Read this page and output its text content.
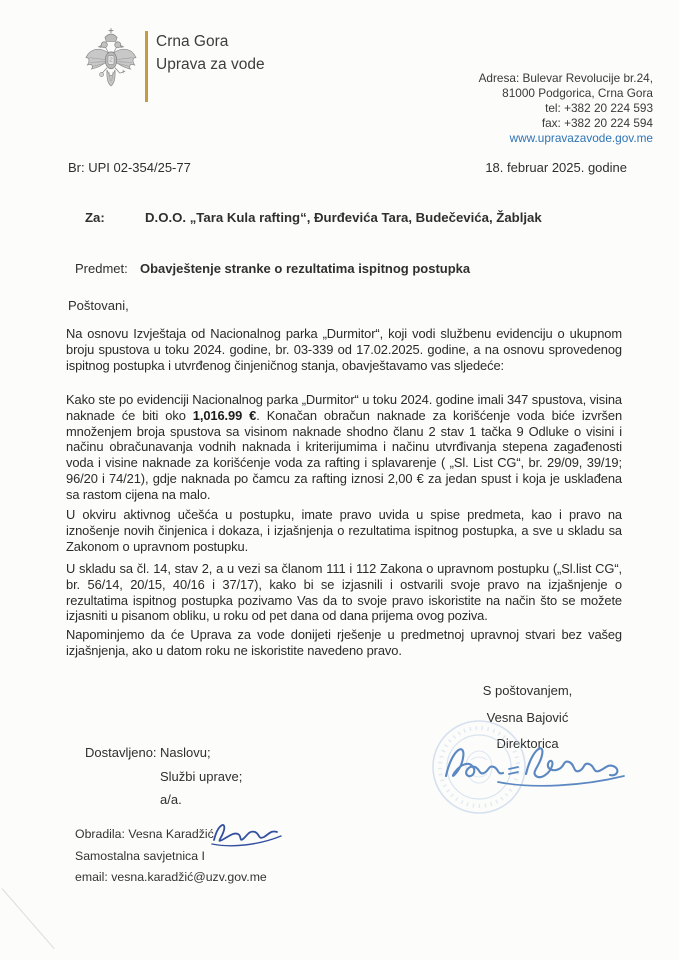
Crna Gora
Uprava za vode
Adresa: Bulevar Revolucije br.24,
81000 Podgorica, Crna Gora
tel: +382 20 224 593
fax: +382 20 224 594
www.upravazavode.gov.me
Br: UPI 02-354/25-77	18. februar 2025. godine
Za:	D.O.O. „Tara Kula rafting“, Đurđevića Tara, Budečevića, Žabljak
Predmet: Obavještenje stranke o rezultatima ispitnog postupka
Poštovani,

Na osnovu Izvještaja od Nacionalnog parka „Durmitor“, koji vodi službenu evidenciju o ukupnom broju spustova u toku 2024. godine, br. 03-339 od 17.02.2025. godine, a na osnovu sprovedenog ispitnog postupka i utvrđenog činjeničnog stanja, obavještavamo vas sljedeće:

Kako ste po evidenciji Nacionalnog parka „Durmitor“ u toku 2024. godine imali 347 spustova, visina naknade će biti oko 1,016.99 €. Konačan obračun naknade za korišćenje voda biće izvršen množenjem broja spustova sa visinom naknade shodno članu 2 stav 1 tačka 9 Odluke o visini i načinu obračunavanja vodnih naknada i kriterijumima i načinu utvrđivanja stepena zagađenosti voda i visine naknade za korišćenje voda za rafting i splavarenje ( „Sl. List CG“, br. 29/09, 39/19; 96/20 i 74/21), gdje naknada po čamcu za rafting iznosi 2,00 € za jedan spust i koja je usklađena sa rastom cijena na malo.

U okviru aktivnog učešća u postupku, imate pravo uvida u spise predmeta, kao i pravo na iznošenje novih činjenica i dokaza, i izjašnjenja o rezultatima ispitnog postupka, a sve u skladu sa Zakonom o upravnom postupku.

U skladu sa čl. 14, stav 2, a u vezi sa članom 111 i 112 Zakona o upravnom postupku („Sl.list CG“, br. 56/14, 20/15, 40/16 i 37/17), kako bi se izjasnili i ostvarili svoje pravo na izjašnjenje o rezultatima ispitnog postupka pozivamo Vas da to svoje pravo iskoristite na način što se možete izjasniti u pisanom obliku, u roku od pet dana od dana prijema ovog poziva.

Napominjemo da će Uprava za vode donijeti rješenje u predmetnoj upravnoj stvari bez vašeg izjašnjenja, ako u datom roku ne iskoristite navedeno pravo.

S poštovanjem,
Vesna Bajović
Direktorica
Dostavljeno: Naslovu;
Službi uprave;
a/a.
Obradila: Vesna Karadžić
Samostalna savjetnica I
email: vesna.karadžić@uzv.gov.me
